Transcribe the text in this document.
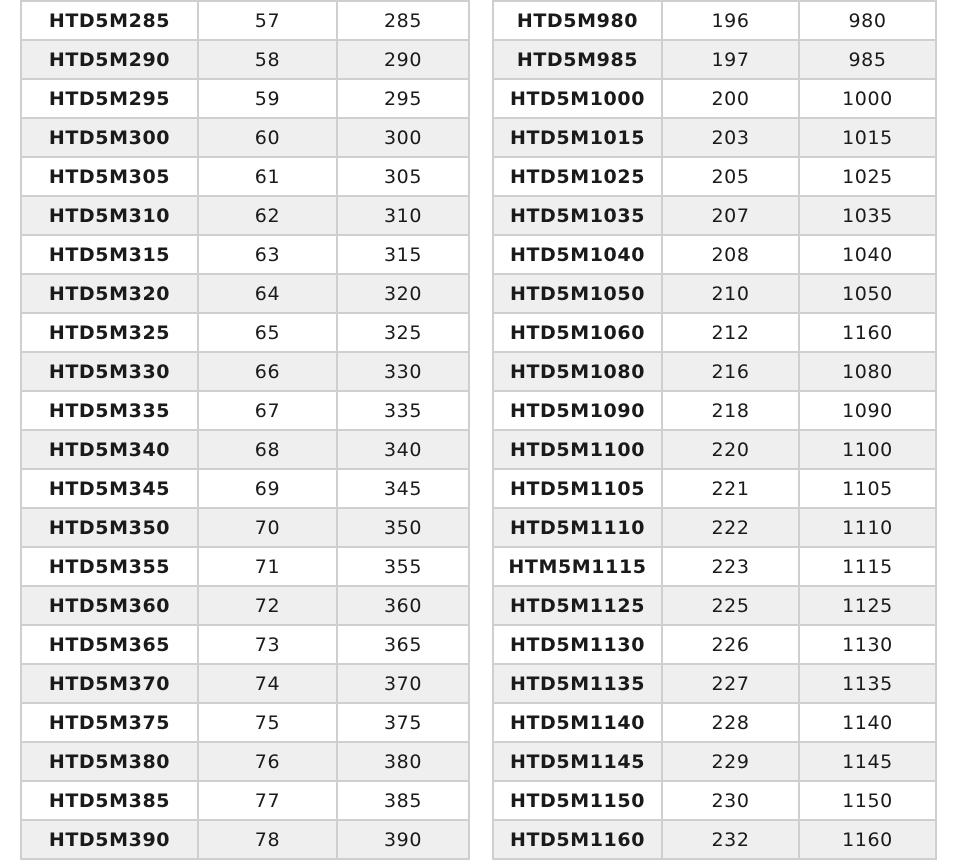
HTD5M285	57	285
HTD5M290	58	290
HTD5M295	59	295
HTD5M300	60	300
HTD5M305	61	305
HTD5M310	62	310
HTD5M315	63	315
HTD5M320	64	320
HTD5M325	65	325
HTD5M330	66	330
HTD5M335	67	335
HTD5M340	68	340
HTD5M345	69	345
HTD5M350	70	350
HTD5M355	71	355
HTD5M360	72	360
HTD5M365	73	365
HTD5M370	74	370
HTD5M375	75	375
HTD5M380	76	380
HTD5M385	77	385
HTD5M390	78	390
HTD5M980	196	980
HTD5M985	197	985
HTD5M1000	200	1000
HTD5M1015	203	1015
HTD5M1025	205	1025
HTD5M1035	207	1035
HTD5M1040	208	1040
HTD5M1050	210	1050
HTD5M1060	212	1160
HTD5M1080	216	1080
HTD5M1090	218	1090
HTD5M1100	220	1100
HTD5M1105	221	1105
HTD5M1110	222	1110
HTM5M1115	223	1115
HTD5M1125	225	1125
HTD5M1130	226	1130
HTD5M1135	227	1135
HTD5M1140	228	1140
HTD5M1145	229	1145
HTD5M1150	230	1150
HTD5M1160	232	1160
